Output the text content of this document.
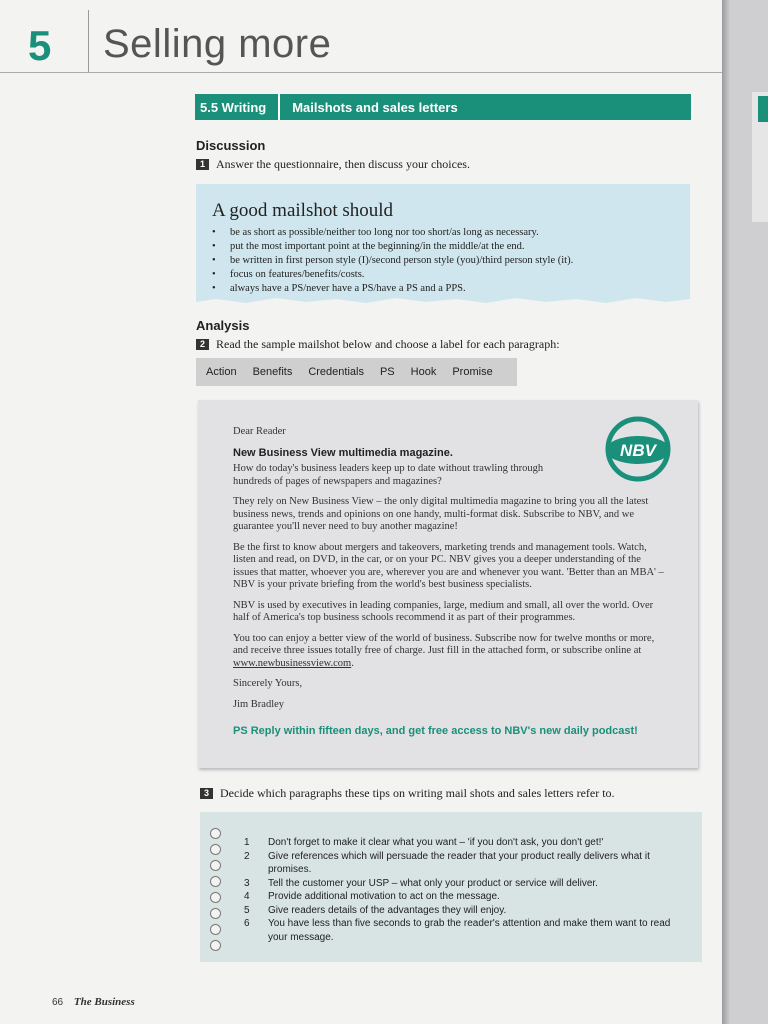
5 Selling more
5.5 Writing	Mailshots and sales letters
Discussion
1 Answer the questionnaire, then discuss your choices.
A good mailshot should
• be as short as possible/neither too long nor too short/as long as necessary.
• put the most important point at the beginning/in the middle/at the end.
• be written in first person style (I)/second person style (you)/third person style (it).
• focus on features/benefits/costs.
• always have a PS/never have a PS/have a PS and a PPS.
Analysis
2 Read the sample mailshot below and choose a label for each paragraph:
Action Benefits Credentials PS Hook Promise
NBV

Dear Reader

New Business View multimedia magazine.

How do today's business leaders keep up to date without trawling through hundreds of pages of newspapers and magazines?

They rely on New Business View – the only digital multimedia magazine to bring you all the latest business news, trends and opinions on one handy, multi-format disk. Subscribe to NBV, and we guarantee you'll never need to buy another magazine!

Be the first to know about mergers and takeovers, marketing trends and management tools. Watch, listen and read, on DVD, in the car, or on your PC. NBV gives you a deeper understanding of the issues that matter, whoever you are, wherever you are and whenever you want. 'Better than an MBA' – NBV is your private briefing from the world's best business specialists.

NBV is used by executives in leading companies, large, medium and small, all over the world. Over half of America's top business schools recommend it as part of their programmes.

You too can enjoy a better view of the world of business. Subscribe now for twelve months or more, and receive three issues totally free of charge. Just fill in the attached form, or subscribe online at www.newbusinessview.com.

Sincerely Yours,

Jim Bradley

PS Reply within fifteen days, and get free access to NBV's new daily podcast!

3 Decide which paragraphs these tips on writing mail shots and sales letters refer to.
1	Don't forget to make it clear what you want – 'if you don't ask, you don't get!'
2	Give references which will persuade the reader that your product really delivers what it promises.
3	Tell the customer your USP – what only your product or service will deliver.
4	Provide additional motivation to act on the message.
5	Give readers details of the advantages they will enjoy.
6	You have less than five seconds to grab the reader's attention and make them want to read your message.
66 The Business
